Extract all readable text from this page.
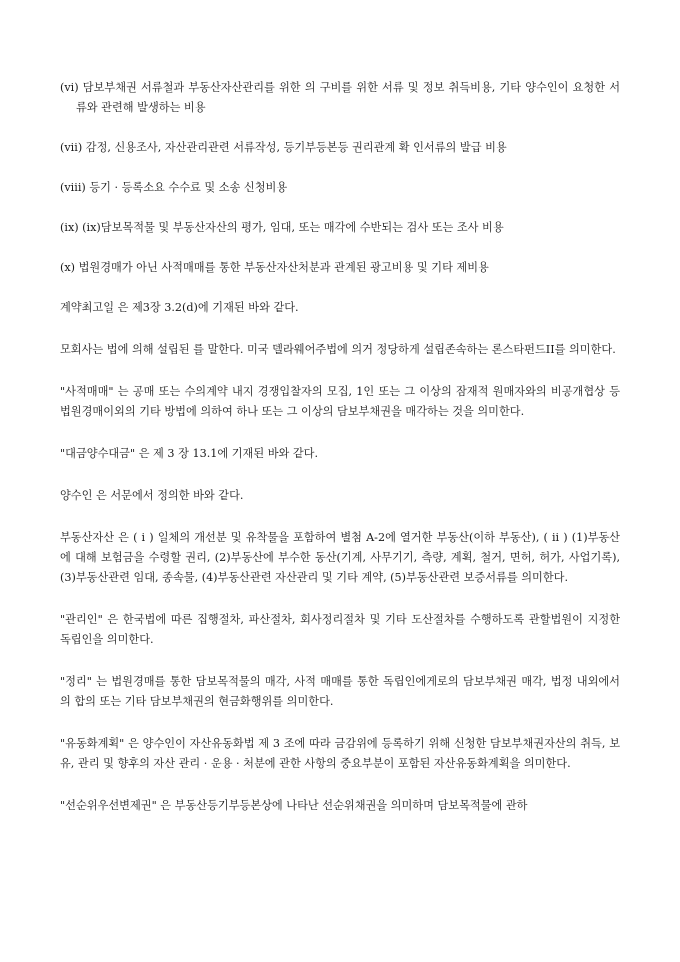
(vi) 담보부채권 서류철과 부동산자산관리를 위한 의 구비를 위한 서류 및 정보 취득비용, 기타 양수인이 요청한 서류와 관련해 발생하는 비용

(vii) 감정, 신용조사, 자산관리관련 서류작성, 등기부등본등 권리관계 확 인서류의 발급 비용

(viii) 등기 · 등록소요 수수료 및 소송 신청비용

(ix) (ix)담보목적물 및 부동산자산의 평가, 임대, 또는 매각에 수반되는 검사 또는 조사 비용

(x) 법원경매가 아닌 사적매매를 통한 부동산자산처분과 관계된 광고비용 및 기타 제비용

계약최고일 은 제3장 3.2(d)에 기재된 바와 같다.

모회사는 법에 의해 설립된 를 말한다. 미국 델라웨어주법에 의거 정당하게 설립존속하는 론스타펀드II를 의미한다.

"사적매매" 는 공매 또는 수의계약 내지 경쟁입찰자의 모집, 1인 또는 그 이상의 잠재적 원매자와의 비공개협상 등 법원경매이외의 기타 방법에 의하여 하나 또는 그 이상의 담보부채권을 매각하는 것을 의미한다.

"대금양수대금" 은 제 3 장 13.1에 기재된 바와 같다.

양수인 은 서문에서 정의한 바와 같다.

부동산자산 은 ( i ) 일체의 개선분 및 유착물을 포함하여 별첨 A-2에 열거한 부동산(이하 부동산), ( ii ) (1)부동산에 대해 보험금을 수령할 권리, (2)부동산에 부수한 동산(기계, 사무기기, 측량, 계획, 철거, 면허, 허가, 사업기록), (3)부동산관련 임대, 종속물, (4)부동산관련 자산관리 및 기타 계약, (5)부동산관련 보증서류를 의미한다.

"관리인" 은 한국법에 따른 집행절차, 파산절차, 회사정리절차 및 기타 도산절차를 수행하도록 관할법원이 지정한 독립인을 의미한다.

"정리" 는 법원경매를 통한 담보목적물의 매각, 사적 매매를 통한 독립인에게로의 담보부채권 매각, 법정 내외에서의 합의 또는 기타 담보부채권의 현금화행위를 의미한다.

"유동화계획" 은 양수인이 자산유동화법 제 3 조에 따라 금감위에 등록하기 위해 신청한 담보부채권자산의 취득, 보유, 관리 및 향후의 자산 관리 · 운용 · 처분에 관한 사항의 중요부분이 포함된 자산유동화계획을 의미한다.

"선순위우선변제권" 은 부동산등기부등본상에 나타난 선순위채권을 의미하며 담보목적물에 관하
